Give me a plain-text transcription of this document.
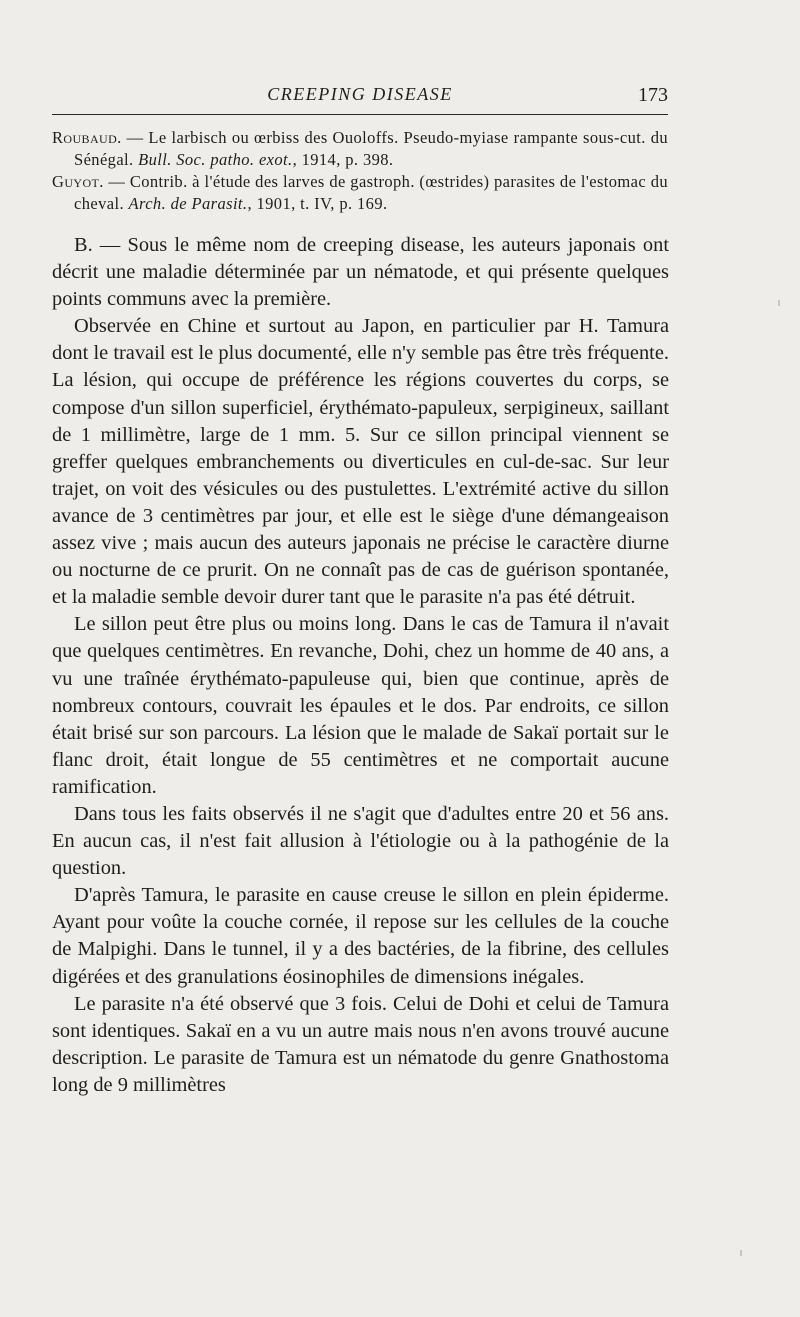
CREEPING DISEASE	173

Roubaud. — Le larbisch ou œrbiss des Ouoloffs. Pseudo-myiase rampante sous-cut. du Sénégal. Bull. Soc. patho. exot., 1914, p. 398.

Guyot. — Contrib. à l'étude des larves de gastroph. (œstrides) parasites de l'estomac du cheval. Arch. de Parasit., 1901, t. IV, p. 169.

B. — Sous le même nom de creeping disease, les auteurs japonais ont décrit une maladie déterminée par un nématode, et qui présente quelques points communs avec la première.

Observée en Chine et surtout au Japon, en particulier par H. Tamura dont le travail est le plus documenté, elle n'y semble pas être très fréquente. La lésion, qui occupe de préférence les régions couvertes du corps, se compose d'un sillon superficiel, érythémato-papuleux, serpigineux, saillant de 1 millimètre, large de 1 mm. 5. Sur ce sillon principal viennent se greffer quelques embranchements ou diverticules en cul-de-sac. Sur leur trajet, on voit des vésicules ou des pustulettes. L'extrémité active du sillon avance de 3 centimètres par jour, et elle est le siège d'une démangeaison assez vive ; mais aucun des auteurs japonais ne précise le caractère diurne ou nocturne de ce prurit. On ne connaît pas de cas de guérison spontanée, et la maladie semble devoir durer tant que le parasite n'a pas été détruit.

Le sillon peut être plus ou moins long. Dans le cas de Tamura il n'avait que quelques centimètres. En revanche, Dohi, chez un homme de 40 ans, a vu une traînée érythémato-papuleuse qui, bien que continue, après de nombreux contours, couvrait les épaules et le dos. Par endroits, ce sillon était brisé sur son parcours. La lésion que le malade de Sakaï portait sur le flanc droit, était longue de 55 centimètres et ne comportait aucune ramification.

Dans tous les faits observés il ne s'agit que d'adultes entre 20 et 56 ans. En aucun cas, il n'est fait allusion à l'étiologie ou à la pathogénie de la question.

D'après Tamura, le parasite en cause creuse le sillon en plein épiderme. Ayant pour voûte la couche cornée, il repose sur les cellules de la couche de Malpighi. Dans le tunnel, il y a des bactéries, de la fibrine, des cellules digérées et des granulations éosinophiles de dimensions inégales.

Le parasite n'a été observé que 3 fois. Celui de Dohi et celui de Tamura sont identiques. Sakaï en a vu un autre mais nous n'en avons trouvé aucune description. Le parasite de Tamura est un nématode du genre Gnathostoma long de 9 millimètres
